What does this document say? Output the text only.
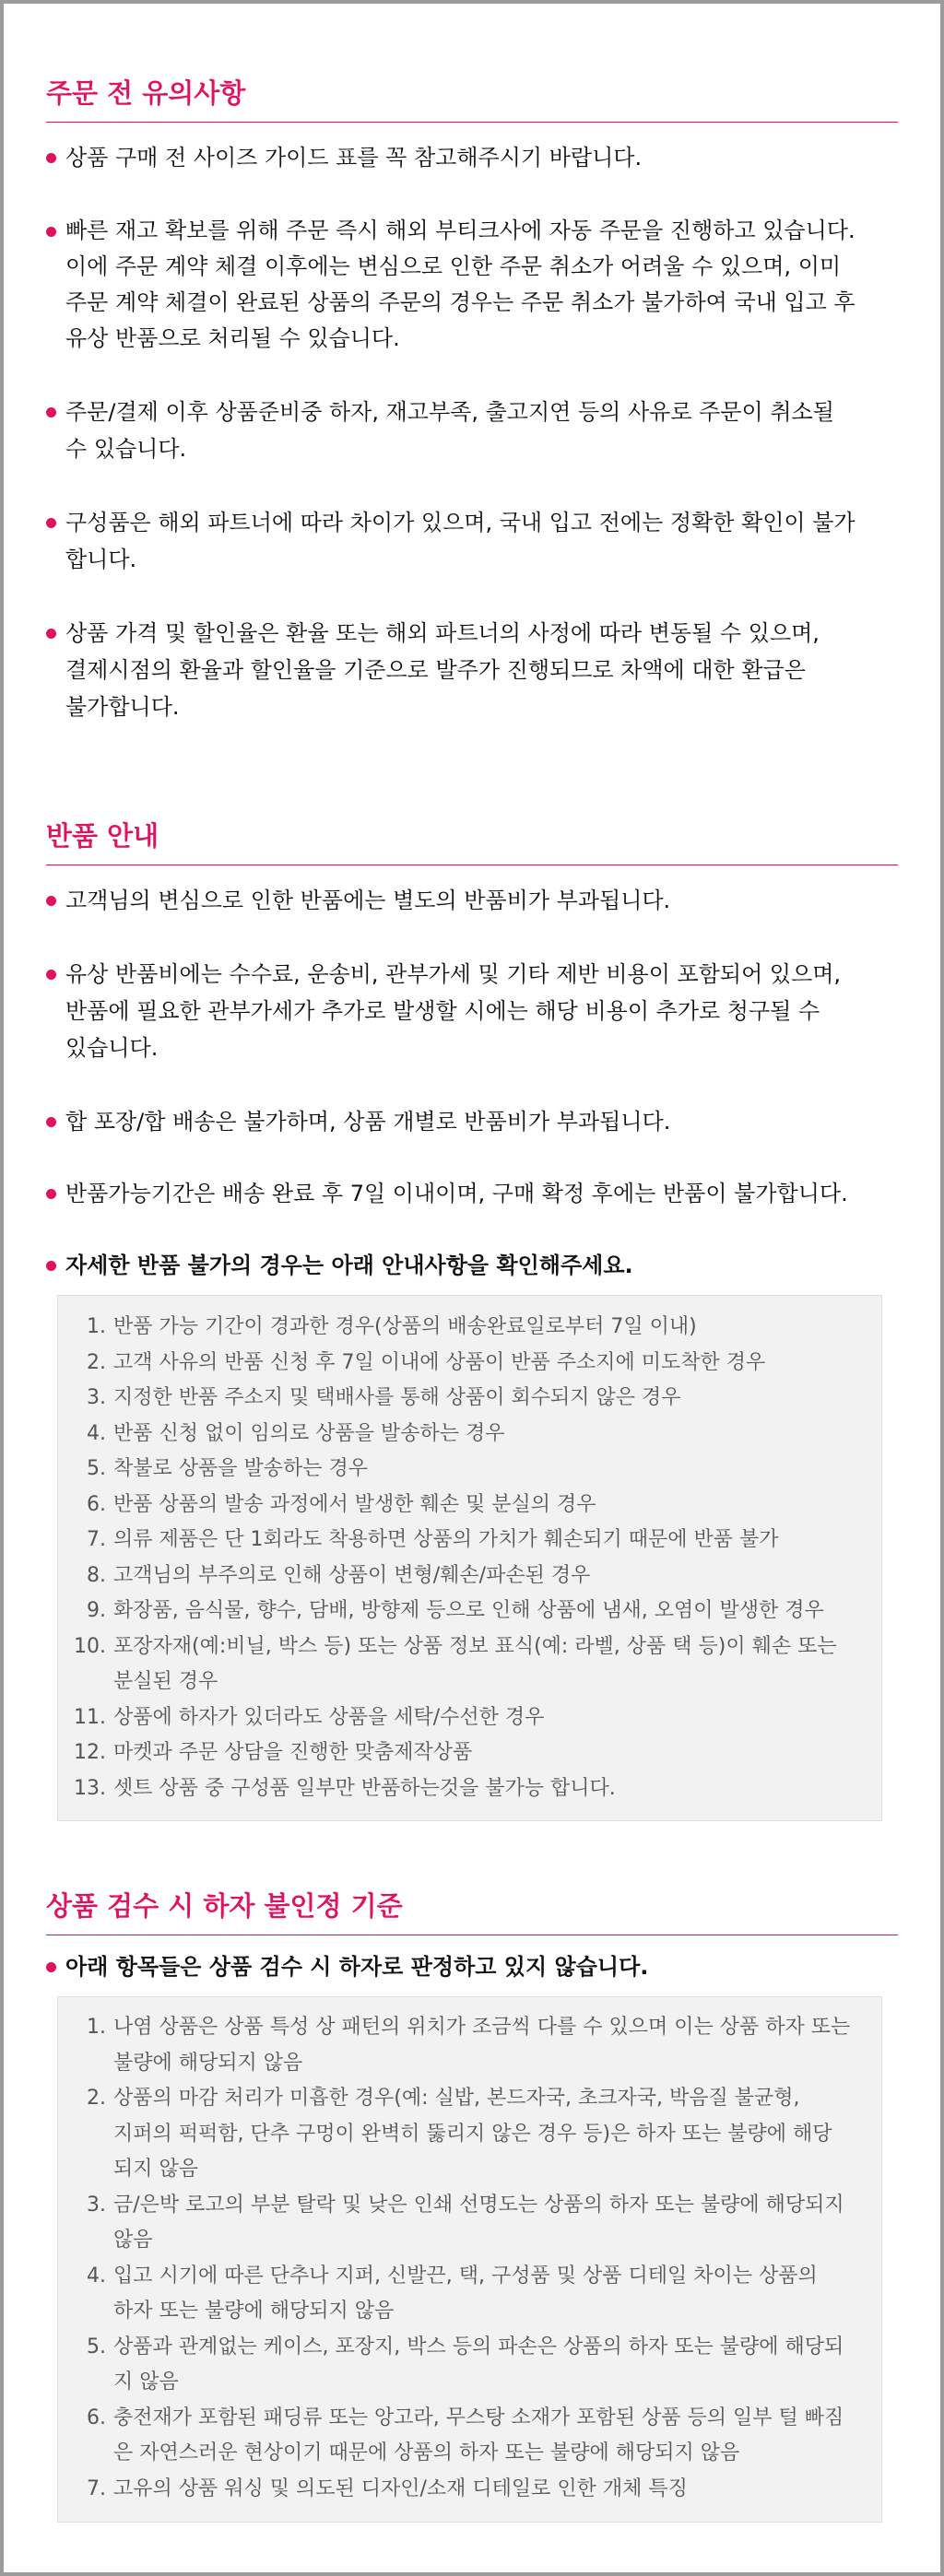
주문 전 유의사항
상품 구매 전 사이즈 가이드 표를 꼭 참고해주시기 바랍니다.
빠른 재고 확보를 위해 주문 즉시 해외 부티크사에 자동 주문을 진행하고 있습니다.
이에 주문 계약 체결 이후에는 변심으로 인한 주문 취소가 어려울 수 있으며, 이미
주문 계약 체결이 완료된 상품의 주문의 경우는 주문 취소가 불가하여 국내 입고 후
유상 반품으로 처리될 수 있습니다.
주문/결제 이후 상품준비중 하자, 재고부족, 출고지연 등의 사유로 주문이 취소될
수 있습니다.
구성품은 해외 파트너에 따라 차이가 있으며, 국내 입고 전에는 정확한 확인이 불가
합니다.
상품 가격 및 할인율은 환율 또는 해외 파트너의 사정에 따라 변동될 수 있으며,
결제시점의 환율과 할인율을 기준으로 발주가 진행되므로 차액에 대한 환급은
불가합니다.
반품 안내
고객님의 변심으로 인한 반품에는 별도의 반품비가 부과됩니다.
유상 반품비에는 수수료, 운송비, 관부가세 및 기타 제반 비용이 포함되어 있으며,
반품에 필요한 관부가세가 추가로 발생할 시에는 해당 비용이 추가로 청구될 수
있습니다.
합 포장/합 배송은 불가하며, 상품 개별로 반품비가 부과됩니다.
반품가능기간은 배송 완료 후 7일 이내이며, 구매 확정 후에는 반품이 불가합니다.
자세한 반품 불가의 경우는 아래 안내사항을 확인해주세요.
1. 반품 가능 기간이 경과한 경우(상품의 배송완료일로부터 7일 이내)
2. 고객 사유의 반품 신청 후 7일 이내에 상품이 반품 주소지에 미도착한 경우
3. 지정한 반품 주소지 및 택배사를 통해 상품이 회수되지 않은 경우
4. 반품 신청 없이 임의로 상품을 발송하는 경우
5. 착불로 상품을 발송하는 경우
6. 반품 상품의 발송 과정에서 발생한 훼손 및 분실의 경우
7. 의류 제품은 단 1회라도 착용하면 상품의 가치가 훼손되기 때문에 반품 불가
8. 고객님의 부주의로 인해 상품이 변형/훼손/파손된 경우
9. 화장품, 음식물, 향수, 담배, 방향제 등으로 인해 상품에 냄새, 오염이 발생한 경우
10. 포장자재(예:비닐, 박스 등) 또는 상품 정보 표식(예: 라벨, 상품 택 등)이 훼손 또는
분실된 경우
11. 상품에 하자가 있더라도 상품을 세탁/수선한 경우
12. 마켓과 주문 상담을 진행한 맞춤제작상품
13. 셋트 상품 중 구성품 일부만 반품하는것을 불가능 합니다.
상품 검수 시 하자 불인정 기준
아래 항목들은 상품 검수 시 하자로 판정하고 있지 않습니다.
1. 나염 상품은 상품 특성 상 패턴의 위치가 조금씩 다를 수 있으며 이는 상품 하자 또는
불량에 해당되지 않음
2. 상품의 마감 처리가 미흡한 경우(예: 실밥, 본드자국, 초크자국, 박음질 불균형,
지퍼의 퍽퍽함, 단추 구멍이 완벽히 뚫리지 않은 경우 등)은 하자 또는 불량에 해당
되지 않음
3. 금/은박 로고의 부분 탈락 및 낮은 인쇄 선명도는 상품의 하자 또는 불량에 해당되지
않음
4. 입고 시기에 따른 단추나 지퍼, 신발끈, 택, 구성품 및 상품 디테일 차이는 상품의
하자 또는 불량에 해당되지 않음
5. 상품과 관계없는 케이스, 포장지, 박스 등의 파손은 상품의 하자 또는 불량에 해당되
지 않음
6. 충전재가 포함된 패딩류 또는 앙고라, 무스탕 소재가 포함된 상품 등의 일부 털 빠짐
은 자연스러운 현상이기 때문에 상품의 하자 또는 불량에 해당되지 않음
7. 고유의 상품 워싱 및 의도된 디자인/소재 디테일로 인한 개체 특징
